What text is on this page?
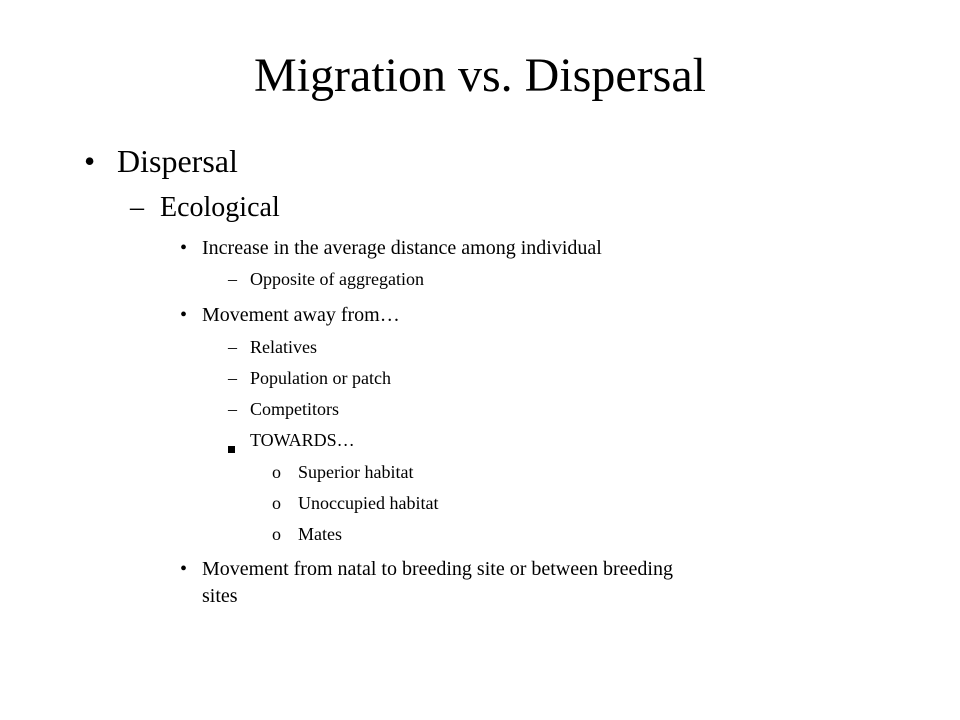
Migration vs. Dispersal
• Dispersal
– Ecological
• Increase in the average distance among individual
– Opposite of aggregation
• Movement away from…
– Relatives
– Population or patch
– Competitors
TOWARDS…
o Superior habitat
o Unoccupied habitat
o Mates
• Movement from natal to breeding site or between breeding
sites
